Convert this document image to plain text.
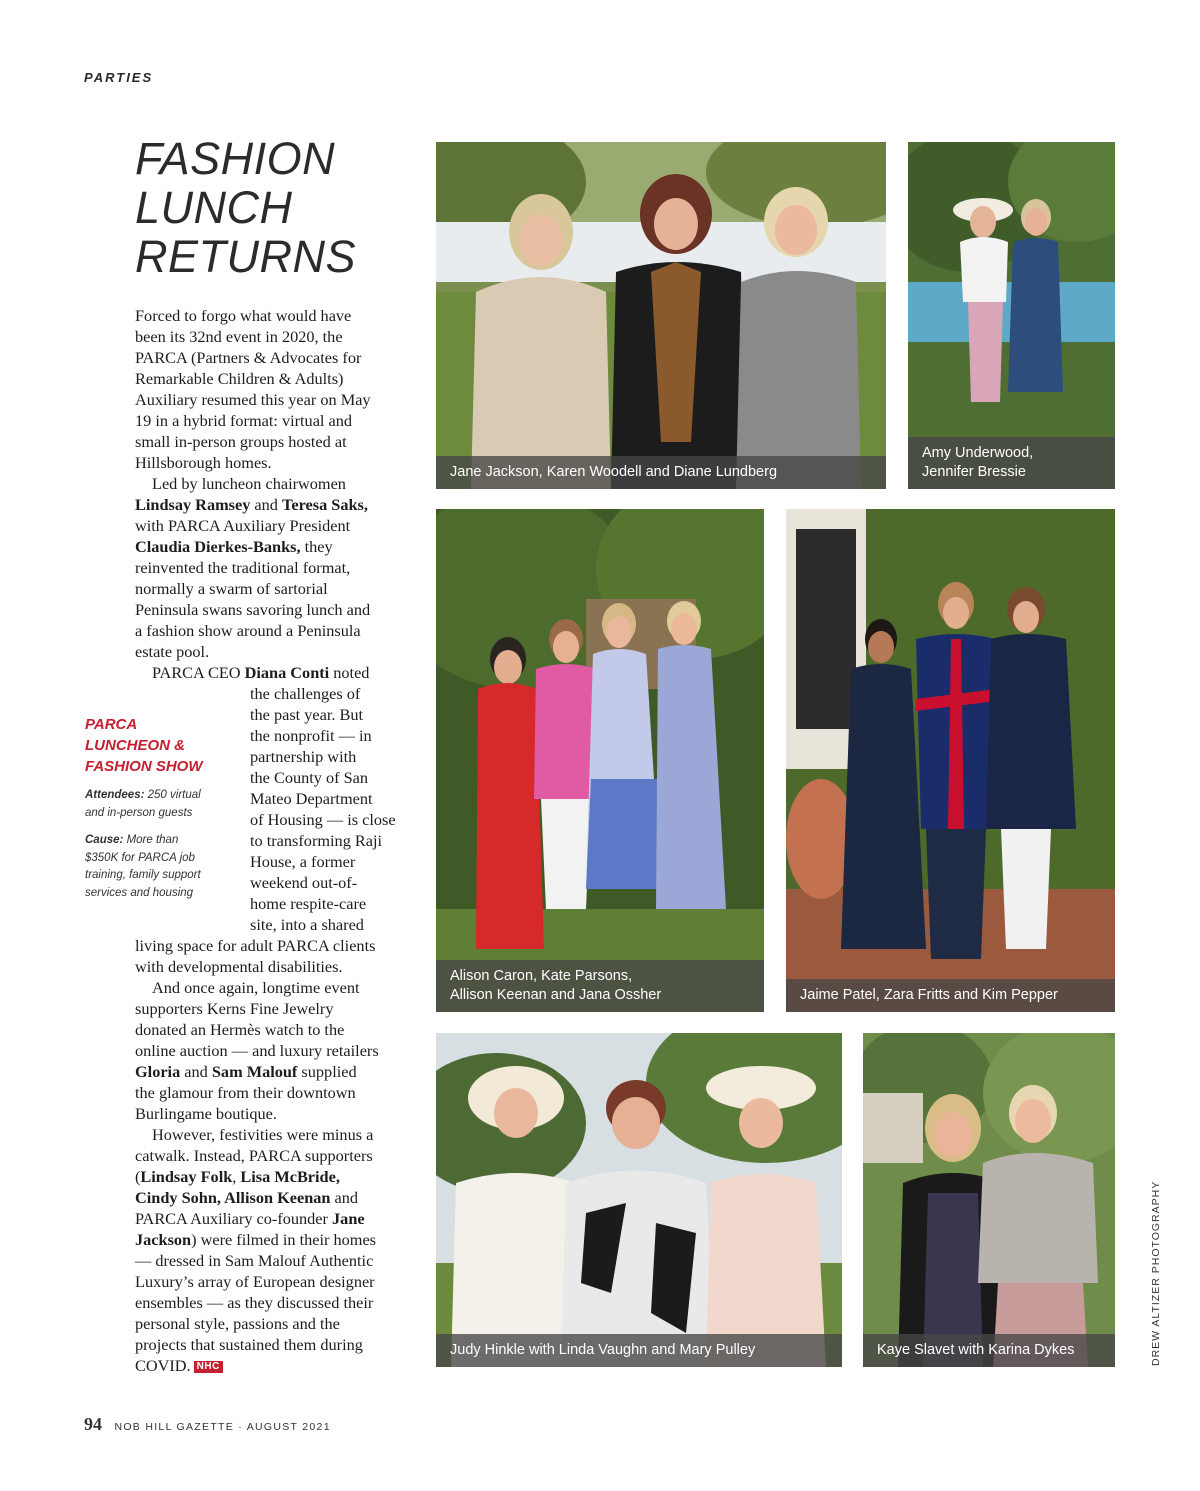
PARTIES
FASHION
LUNCH
RETURNS
Forced to forgo what would have
been its 32nd event in 2020, the
PARCA (Partners & Advocates for
Remarkable Children & Adults)
Auxiliary resumed this year on May
19 in a hybrid format: virtual and
small in-person groups hosted at
Hillsborough homes.
Led by luncheon chairwomen
Lindsay Ramsey and Teresa Saks,
with PARCA Auxiliary President
Claudia Dierkes-Banks, they
reinvented the traditional format,
normally a swarm of sartorial
Peninsula swans savoring lunch and
a fashion show around a Peninsula
estate pool.
PARCA CEO Diana Conti noted
the challenges of
the past year. But
the nonprofit — in
partnership with
the County of San
Mateo Department
of Housing — is close
to transforming Raji
House, a former
weekend out-of-
home respite-care
site, into a shared
living space for adult PARCA clients
with developmental disabilities.
And once again, longtime event
supporters Kerns Fine Jewelry
donated an Hermès watch to the
online auction — and luxury retailers
Gloria and Sam Malouf supplied
the glamour from their downtown
Burlingame boutique.
However, festivities were minus a
catwalk. Instead, PARCA supporters
(Lindsay Folk, Lisa McBride,
Cindy Sohn, Allison Keenan and
PARCA Auxiliary co-founder Jane
Jackson) were filmed in their homes
— dressed in Sam Malouf Authentic
Luxury’s array of European designer
ensembles — as they discussed their
personal style, passions and the
projects that sustained them during
COVID. NHC
PARCA
LUNCHEON &
FASHION SHOW
Attendees: 250 virtual
and in-person guests
Cause: More than
$350K for PARCA job
training, family support
services and housing
Jane Jackson, Karen Woodell and Diane Lundberg
Amy Underwood,
Jennifer Bressie
Alison Caron, Kate Parsons,
Allison Keenan and Jana Ossher	Jaime Patel, Zara Fritts and Kim Pepper
Judy Hinkle with Linda Vaughn and Mary Pulley	Kaye Slavet with Karina Dykes
94 NOB HILL GAZETTE · AUGUST 2021
DREW ALTIZER PHOTOGRAPHY
